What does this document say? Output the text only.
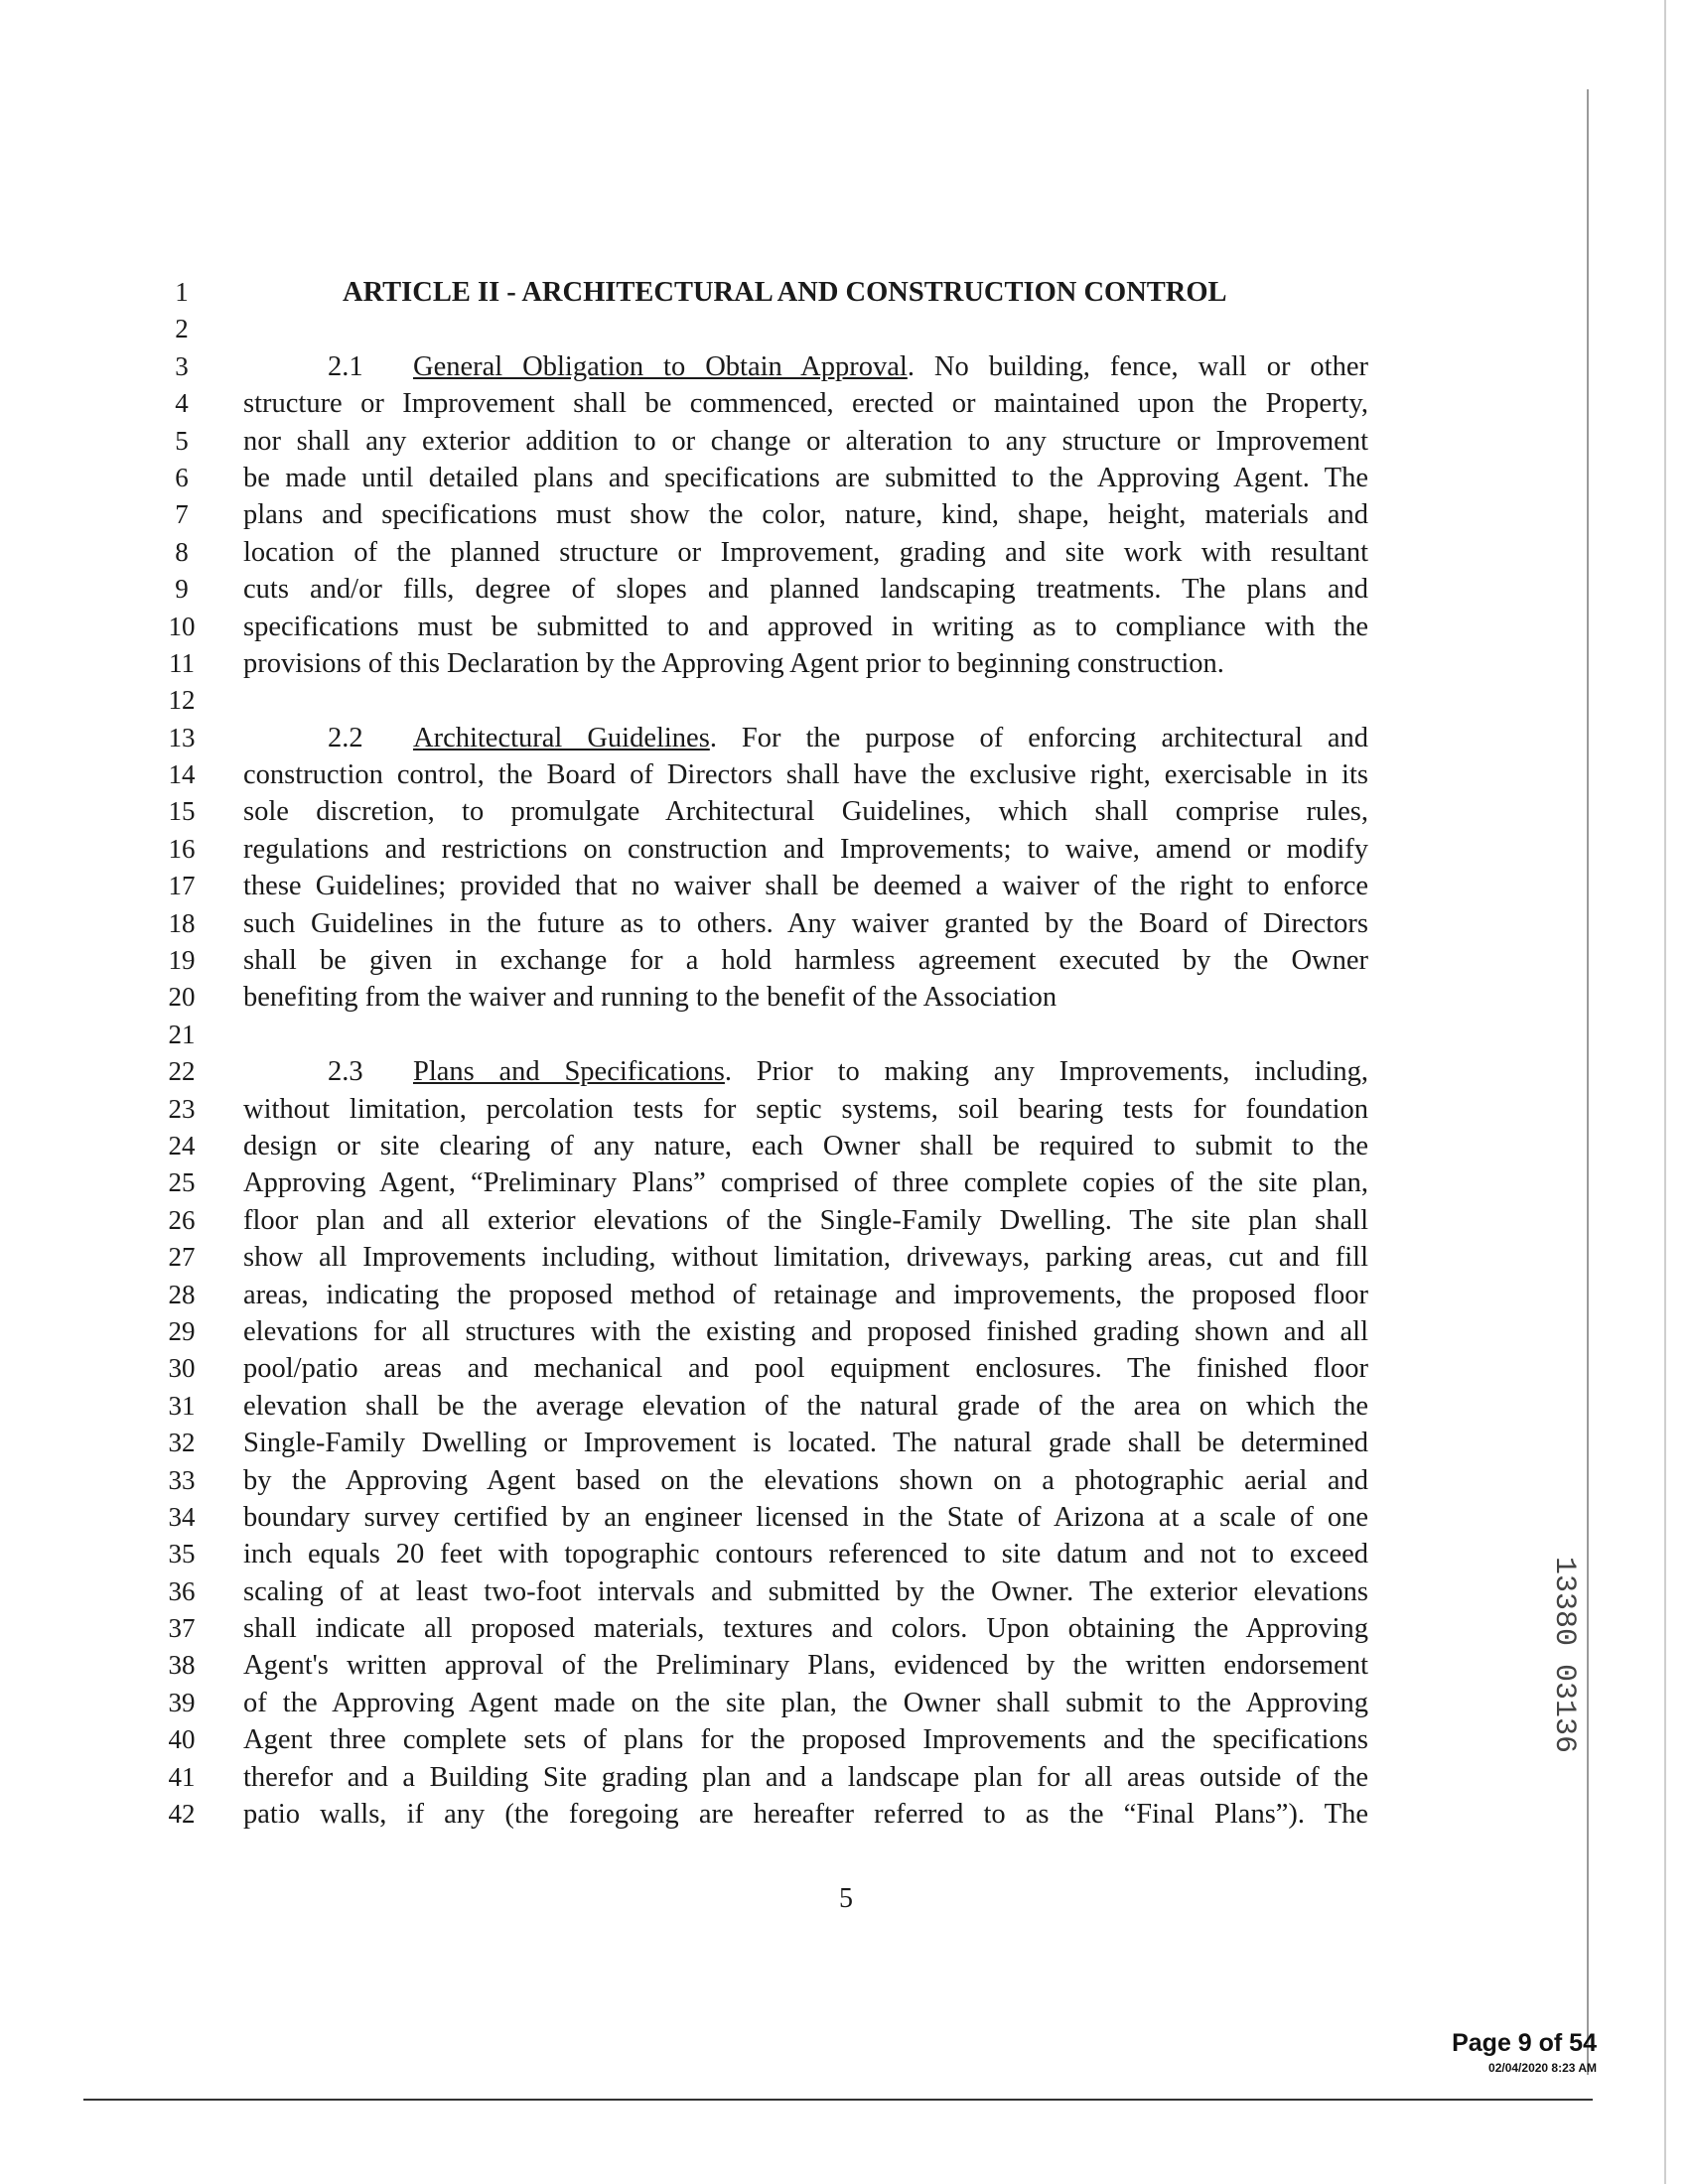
1	ARTICLE II - ARCHITECTURAL AND CONSTRUCTION CONTROL
2
3	2.1 General Obligation to Obtain Approval. No building, fence, wall or other
4	structure or Improvement shall be commenced, erected or maintained upon the Property,
5	nor shall any exterior addition to or change or alteration to any structure or Improvement
6	be made until detailed plans and specifications are submitted to the Approving Agent. The
7	plans and specifications must show the color, nature, kind, shape, height, materials and
8	location of the planned structure or Improvement, grading and site work with resultant
9	cuts and/or fills, degree of slopes and planned landscaping treatments. The plans and
10	specifications must be submitted to and approved in writing as to compliance with the
11	provisions of this Declaration by the Approving Agent prior to beginning construction.
12
13	2.2 Architectural Guidelines. For the purpose of enforcing architectural and
14	construction control, the Board of Directors shall have the exclusive right, exercisable in its
15	sole discretion, to promulgate Architectural Guidelines, which shall comprise rules,
16	regulations and restrictions on construction and Improvements; to waive, amend or modify
17	these Guidelines; provided that no waiver shall be deemed a waiver of the right to enforce
18	such Guidelines in the future as to others. Any waiver granted by the Board of Directors
19	shall be given in exchange for a hold harmless agreement executed by the Owner
20	benefiting from the waiver and running to the benefit of the Association
21
22	2.3 Plans and Specifications. Prior to making any Improvements, including,
23	without limitation, percolation tests for septic systems, soil bearing tests for foundation
24	design or site clearing of any nature, each Owner shall be required to submit to the
25	Approving Agent, “Preliminary Plans” comprised of three complete copies of the site plan,
26	floor plan and all exterior elevations of the Single-Family Dwelling. The site plan shall
27	show all Improvements including, without limitation, driveways, parking areas, cut and fill
28	areas, indicating the proposed method of retainage and improvements, the proposed floor
29	elevations for all structures with the existing and proposed finished grading shown and all
30	pool/patio areas and mechanical and pool equipment enclosures. The finished floor
31	elevation shall be the average elevation of the natural grade of the area on which the
32	Single-Family Dwelling or Improvement is located. The natural grade shall be determined
33	by the Approving Agent based on the elevations shown on a photographic aerial and
34	boundary survey certified by an engineer licensed in the State of Arizona at a scale of one
35	inch equals 20 feet with topographic contours referenced to site datum and not to exceed
36	scaling of at least two-foot intervals and submitted by the Owner. The exterior elevations
37	shall indicate all proposed materials, textures and colors. Upon obtaining the Approving
38	Agent's written approval of the Preliminary Plans, evidenced by the written endorsement
39	of the Approving Agent made on the site plan, the Owner shall submit to the Approving
40	Agent three complete sets of plans for the proposed Improvements and the specifications
41	therefor and a Building Site grading plan and a landscape plan for all areas outside of the
42	patio walls, if any (the foregoing are hereafter referred to as the “Final Plans”). The
5
13380 03136
Page 9 of 54
02/04/2020 8:23 AM
